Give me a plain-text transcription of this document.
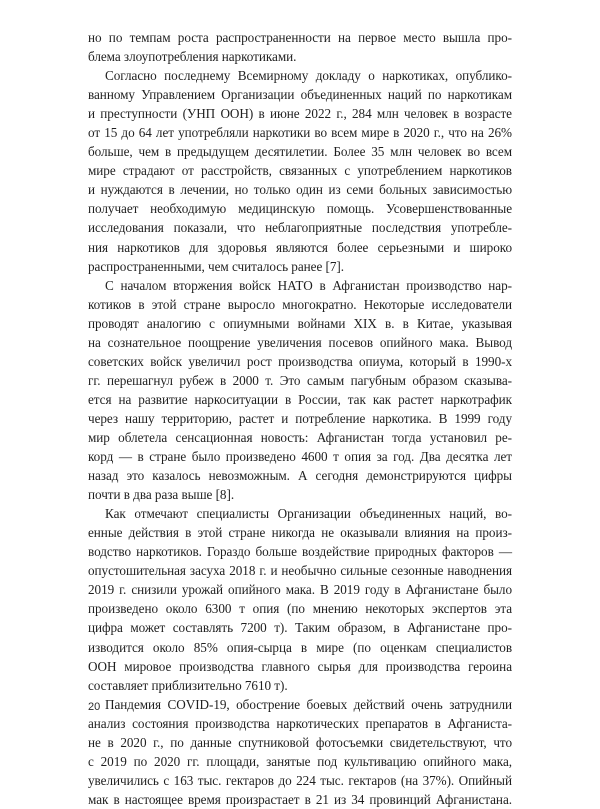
но по темпам роста распространенности на первое место вышла про-
блема злоупотребления наркотиками.
Согласно последнему Всемирному докладу о наркотиках, опублико-
ванному Управлением Организации объединенных наций по наркотикам
и преступности (УНП ООН) в июне 2022 г., 284 млн человек в возрасте
от 15 до 64 лет употребляли наркотики во всем мире в 2020 г., что на 26%
больше, чем в предыдущем десятилетии. Более 35 млн человек во всем
мире страдают от расстройств, связанных с употреблением наркотиков
и нуждаются в лечении, но только один из семи больных зависимостью
получает необходимую медицинскую помощь. Усовершенствованные
исследования показали, что неблагоприятные последствия употребле-
ния наркотиков для здоровья являются более серьезными и широко
распространенными, чем считалось ранее [7].
С началом вторжения войск НАТО в Афганистан производство нар-
котиков в этой стране выросло многократно. Некоторые исследователи
проводят аналогию с опиумными войнами XIX в. в Китае, указывая
на сознательное поощрение увеличения посевов опийного мака. Вывод
советских войск увеличил рост производства опиума, который в 1990-х
гг. перешагнул рубеж в 2000 т. Это самым пагубным образом сказыва-
ется на развитие наркоситуации в России, так как растет наркотрафик
через нашу территорию, растет и потребление наркотика. В 1999 году
мир облетела сенсационная новость: Афганистан тогда установил ре-
корд — в стране было произведено 4600 т опия за год. Два десятка лет
назад это казалось невозможным. А сегодня демонстрируются цифры
почти в два раза выше [8].
Как отмечают специалисты Организации объединенных наций, во-
енные действия в этой стране никогда не оказывали влияния на произ-
водство наркотиков. Гораздо больше воздействие природных факторов —
опустошительная засуха 2018 г. и необычно сильные сезонные наводнения
2019 г. снизили урожай опийного мака. В 2019 году в Афганистане было
произведено около 6300 т опия (по мнению некоторых экспертов эта
цифра может составлять 7200 т). Таким образом, в Афганистане про-
изводится около 85% опия-сырца в мире (по оценкам специалистов
ООН мировое производства главного сырья для производства героина
составляет приблизительно 7610 т).
Пандемия COVID-19, обострение боевых действий очень затруднили
анализ состояния производства наркотических препаратов в Афганиста-
не в 2020 г., по данные спутниковой фотосъемки свидетельствуют, что
с 2019 по 2020 гг. площади, занятые под культивацию опийного мака,
увеличились с 163 тыс. гектаров до 224 тыс. гектаров (на 37%). Опийный
мак в настоящее время произрастает в 21 из 34 провинций Афганистана.
20
